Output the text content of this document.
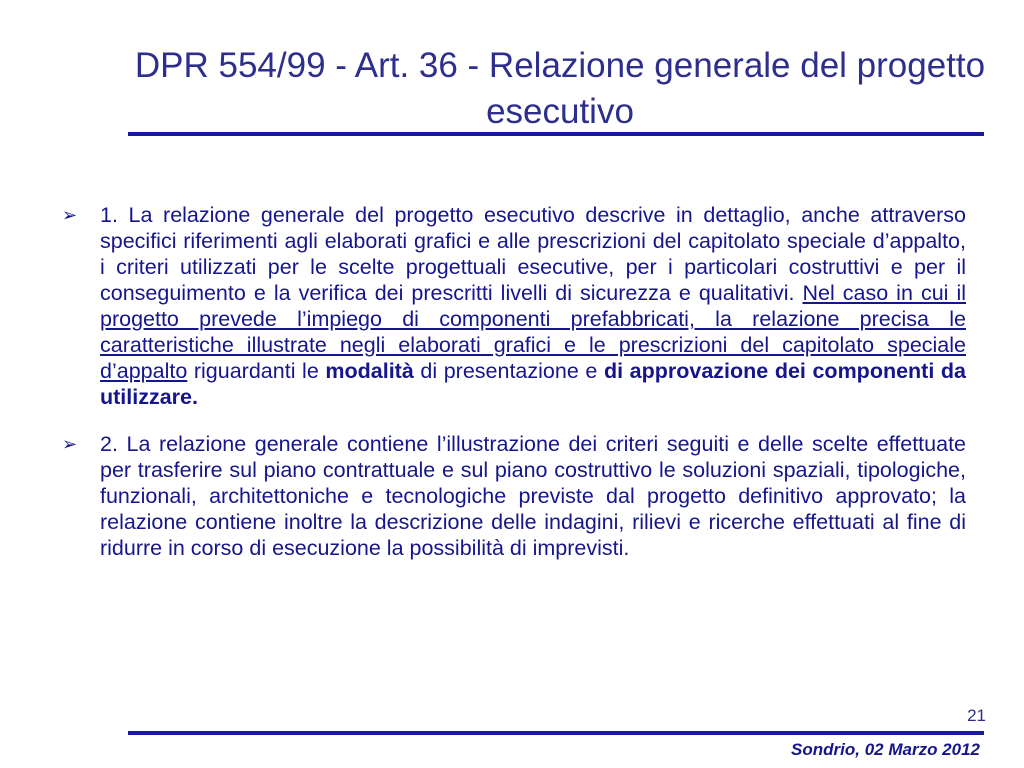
DPR 554/99 - Art. 36 - Relazione generale del progetto esecutivo

➢ 1. La relazione generale del progetto esecutivo descrive in dettaglio, anche attraverso specifici riferimenti agli elaborati grafici e alle prescrizioni del capitolato speciale d’appalto, i criteri utilizzati per le scelte progettuali esecutive, per i particolari costruttivi e per il conseguimento e la verifica dei prescritti livelli di sicurezza e qualitativi. Nel caso in cui il progetto prevede l’impiego di componenti prefabbricati, la relazione precisa le caratteristiche illustrate negli elaborati grafici e le prescrizioni del capitolato speciale d’appalto riguardanti le modalità di presentazione e di approvazione dei componenti da utilizzare.

➢ 2. La relazione generale contiene l’illustrazione dei criteri seguiti e delle scelte effettuate per trasferire sul piano contrattuale e sul piano costruttivo le soluzioni spaziali, tipologiche, funzionali, architettoniche e tecnologiche previste dal progetto definitivo approvato; la relazione contiene inoltre la descrizione delle indagini, rilievi e ricerche effettuati al fine di ridurre in corso di esecuzione la possibilità di imprevisti.

21
Sondrio, 02 Marzo 2012
